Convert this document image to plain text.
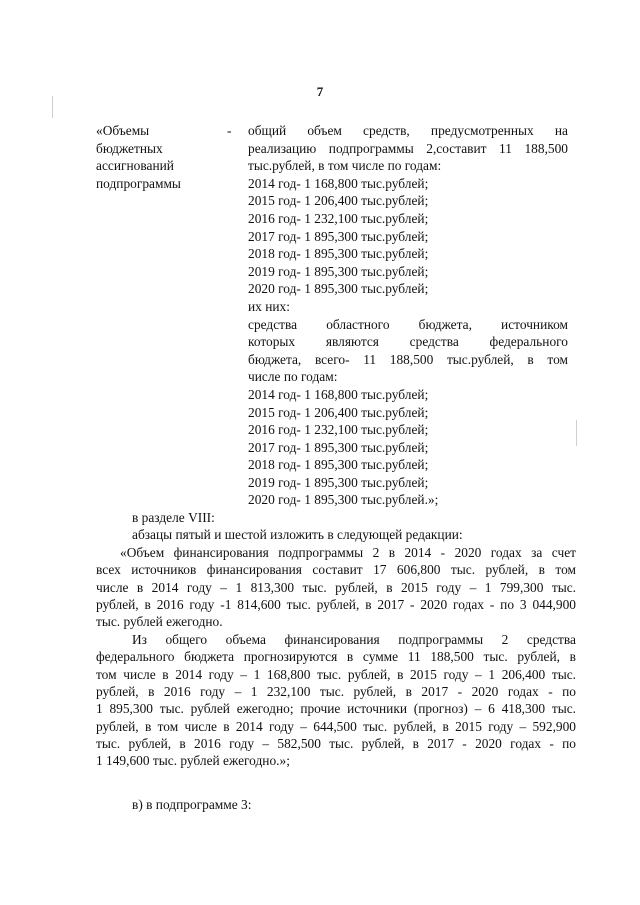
7
«Объемы
бюджетных
ассигнований
подпрограммы
-	общий объем средств, предусмотренных на
реализацию подпрограммы 2,составит 11 188,500
тыс.рублей, в том числе по годам:
2014 год- 1 168,800 тыс.рублей;
2015 год- 1 206,400 тыс.рублей;
2016 год- 1 232,100 тыс.рублей;
2017 год- 1 895,300 тыс.рублей;
2018 год- 1 895,300 тыс.рублей;
2019 год- 1 895,300 тыс.рублей;
2020 год- 1 895,300 тыс.рублей;
их них:
средства областного бюджета, источником
которых являются средства федерального
бюджета, всего- 11 188,500 тыс.рублей, в том
числе по годам:
2014 год- 1 168,800 тыс.рублей;
2015 год- 1 206,400 тыс.рублей;
2016 год- 1 232,100 тыс.рублей;
2017 год- 1 895,300 тыс.рублей;
2018 год- 1 895,300 тыс.рублей;
2019 год- 1 895,300 тыс.рублей;
2020 год- 1 895,300 тыс.рублей.»;
в разделе VIII:
абзацы пятый и шестой изложить в следующей редакции:
«Объем финансирования подпрограммы 2 в 2014 - 2020 годах за счет
всех источников финансирования составит 17 606,800 тыс. рублей, в том
числе в 2014 году – 1 813,300 тыс. рублей, в 2015 году – 1 799,300 тыс.
рублей, в 2016 году -1 814,600 тыс. рублей, в 2017 - 2020 годах - по 3 044,900
тыс. рублей ежегодно.
Из общего объема финансирования подпрограммы 2 средства
федерального бюджета прогнозируются в сумме 11 188,500 тыс. рублей, в
том числе в 2014 году – 1 168,800 тыс. рублей, в 2015 году – 1 206,400 тыс.
рублей, в 2016 году – 1 232,100 тыс. рублей, в 2017 - 2020 годах - по
1 895,300 тыс. рублей ежегодно; прочие источники (прогноз) – 6 418,300 тыс.
рублей, в том числе в 2014 году – 644,500 тыс. рублей, в 2015 году – 592,900
тыс. рублей, в 2016 году – 582,500 тыс. рублей, в 2017 - 2020 годах - по
1 149,600 тыс. рублей ежегодно.»;
в) в подпрограмме 3:
